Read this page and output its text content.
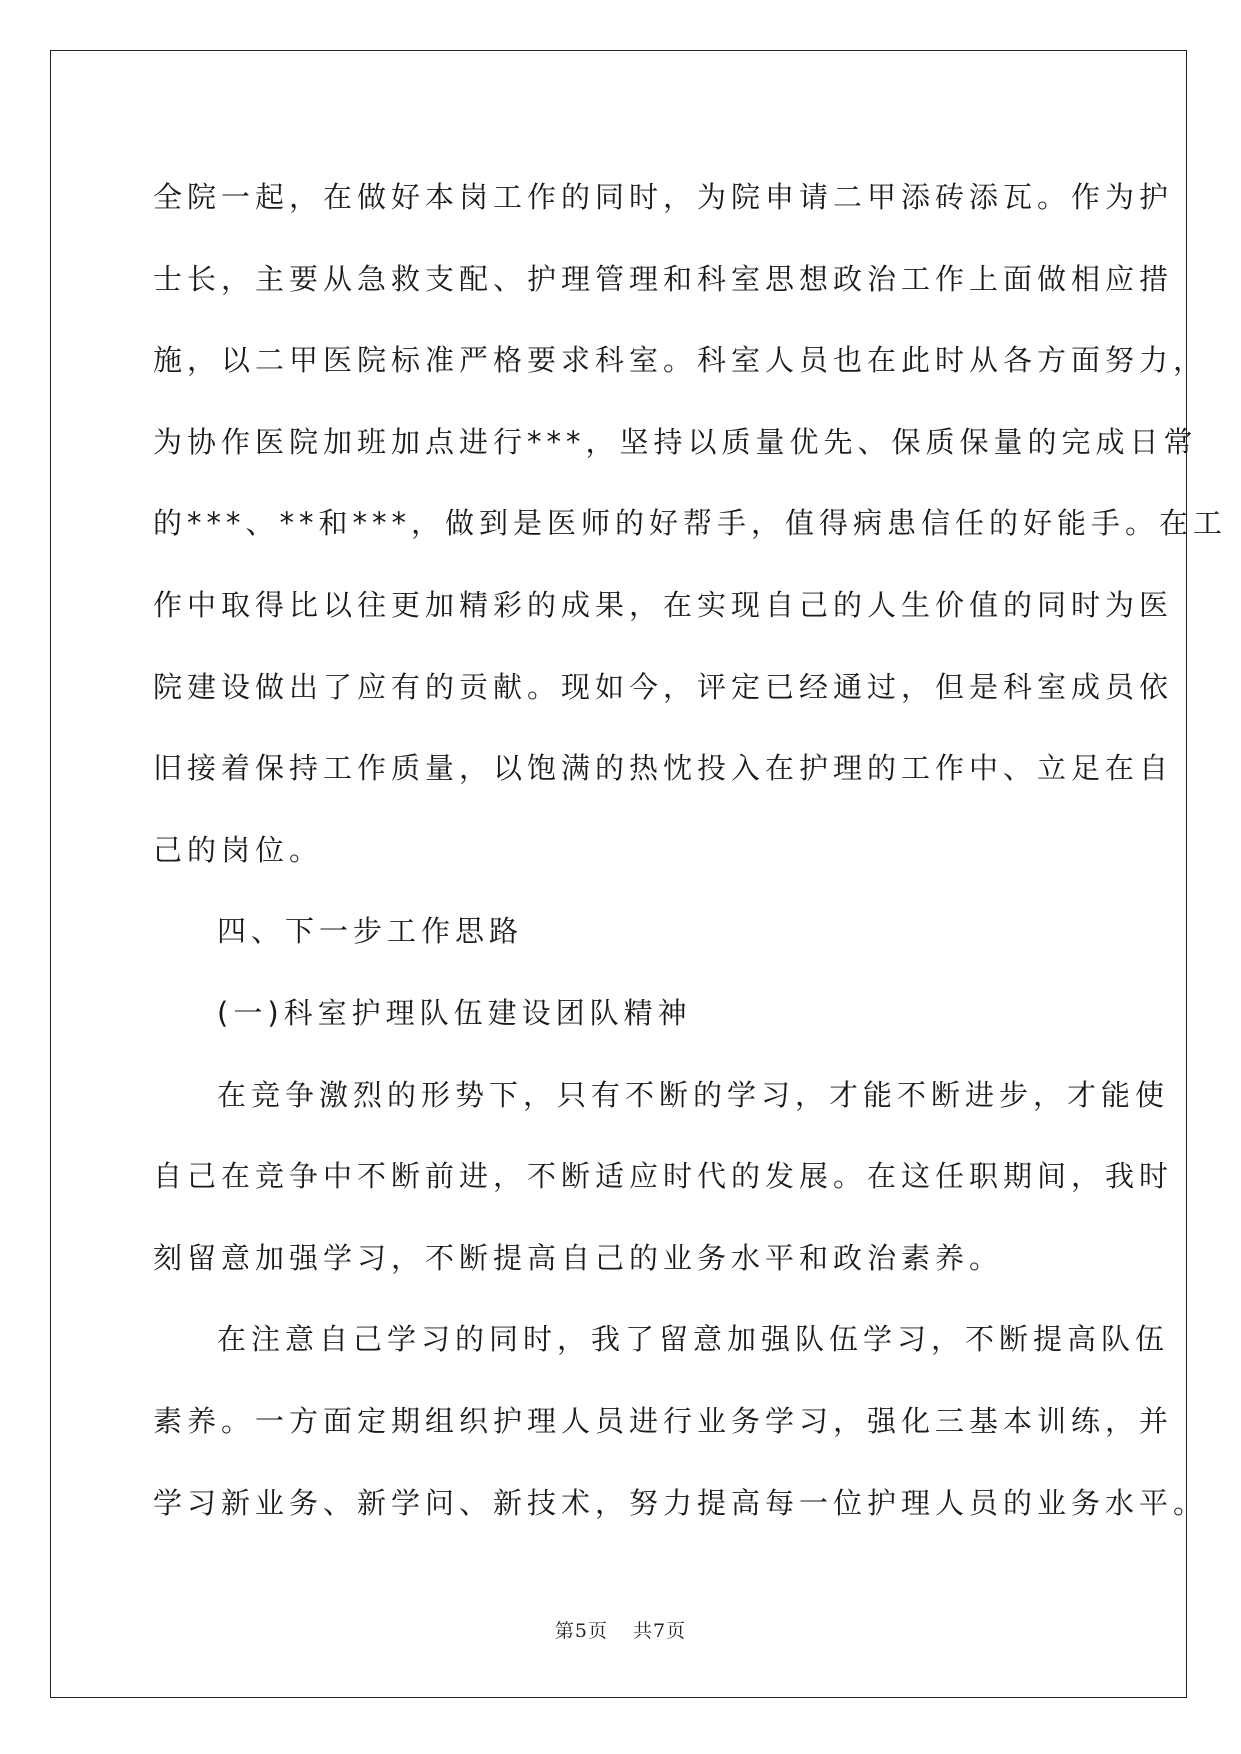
全院一起，在做好本岗工作的同时，为院申请二甲添砖添瓦。作为护
士长，主要从急救支配、护理管理和科室思想政治工作上面做相应措
施，以二甲医院标准严格要求科室。科室人员也在此时从各方面努力，
为协作医院加班加点进行***，坚持以质量优先、保质保量的完成日常
的***、**和***，做到是医师的好帮手，值得病患信任的好能手。在工
作中取得比以往更加精彩的成果，在实现自己的人生价值的同时为医
院建设做出了应有的贡献。现如今，评定已经通过，但是科室成员依
旧接着保持工作质量，以饱满的热忱投入在护理的工作中、立足在自
己的岗位。

四、下一步工作思路

(一)科室护理队伍建设团队精神

在竞争激烈的形势下，只有不断的学习，才能不断进步，才能使
自己在竞争中不断前进，不断适应时代的发展。在这任职期间，我时
刻留意加强学习，不断提高自己的业务水平和政治素养。

在注意自己学习的同时，我了留意加强队伍学习，不断提高队伍
素养。一方面定期组织护理人员进行业务学习，强化三基本训练，并
学习新业务、新学问、新技术，努力提高每一位护理人员的业务水平。

第5页 共7页
